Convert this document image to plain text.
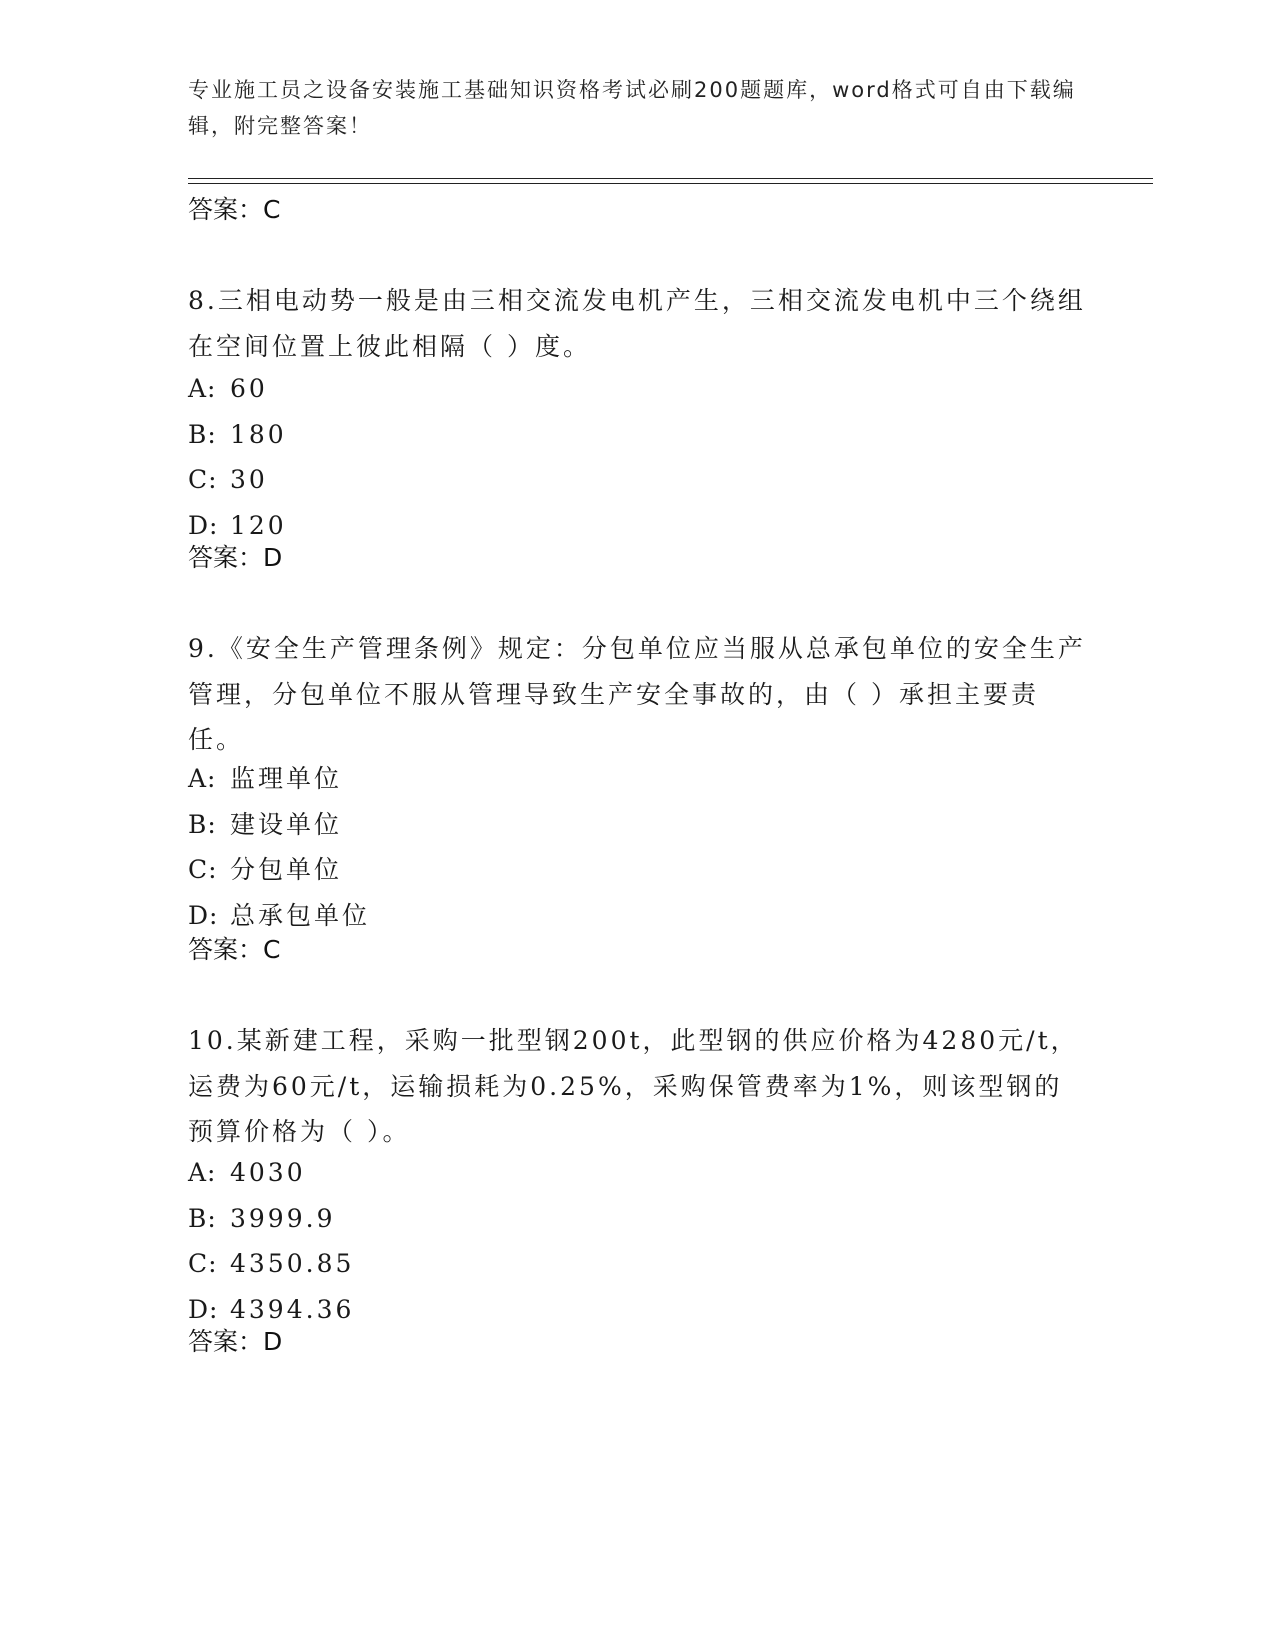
专业施工员之设备安装施工基础知识资格考试必刷200题题库，word格式可自由下载编辑，附完整答案！
答案：C
8.三相电动势一般是由三相交流发电机产生，三相交流发电机中三个绕组在空间位置上彼此相隔（ ）度。
A: 60
B: 180
C: 30
D: 120
答案：D
9.《安全生产管理条例》规定：分包单位应当服从总承包单位的安全生产管理，分包单位不服从管理导致生产安全事故的，由（ ）承担主要责任。
A: 监理单位
B: 建设单位
C: 分包单位
D: 总承包单位
答案：C
10.某新建工程，采购一批型钢200t，此型钢的供应价格为4280元/t，运费为60元/t，运输损耗为0.25%，采购保管费率为1%，则该型钢的预算价格为（ ）。
A: 4030
B: 3999.9
C: 4350.85
D: 4394.36
答案：D
